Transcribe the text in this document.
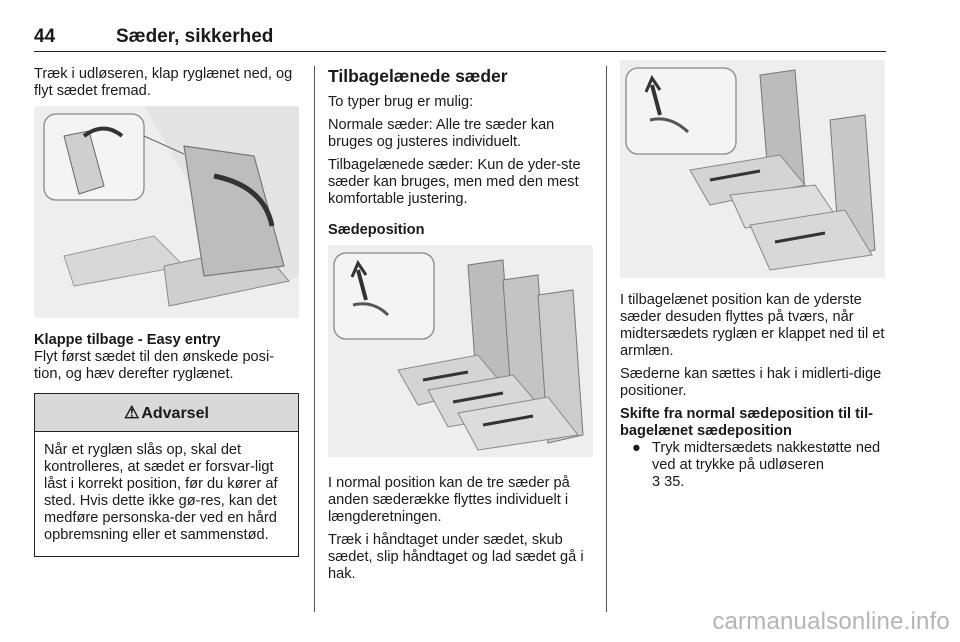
44	Sæder, sikkerhed

Træk i udløseren, klap ryglænet ned, og flyt sædet fremad.

Klappe tilbage - Easy entry

Flyt først sædet til den ønskede posi-tion, og hæv derefter ryglænet.

⚠ Advarsel
Når et ryglæn slås op, skal det kontrolleres, at sædet er forsvar-ligt låst i korrekt position, før du kører af sted. Hvis dette ikke gø-res, kan det medføre personska-der ved en hård opbremsning eller et sammenstød.
Tilbagelænede sæder

To typer brug er mulig:

Normale sæder: Alle tre sæder kan bruges og justeres individuelt.

Tilbagelænede sæder: Kun de yder-ste sæder kan bruges, men med den mest komfortable justering.

Sædeposition

I normal position kan de tre sæder på anden sæderække flyttes individuelt i længderetningen.

Træk i håndtaget under sædet, skub sædet, slip håndtaget og lad sædet gå i hak.

I tilbagelænet position kan de yderste sæder desuden flyttes på tværs, når midtersædets ryglæn er klappet ned til et armlæn.

Sæderne kan sættes i hak i midlerti-dige positioner.

Skifte fra normal sædeposition til til-bagelænet sædeposition

● Tryk midtersædets nakkestøtte ned ved at trykke på udløseren
3 35.
carmanualsonline.info
